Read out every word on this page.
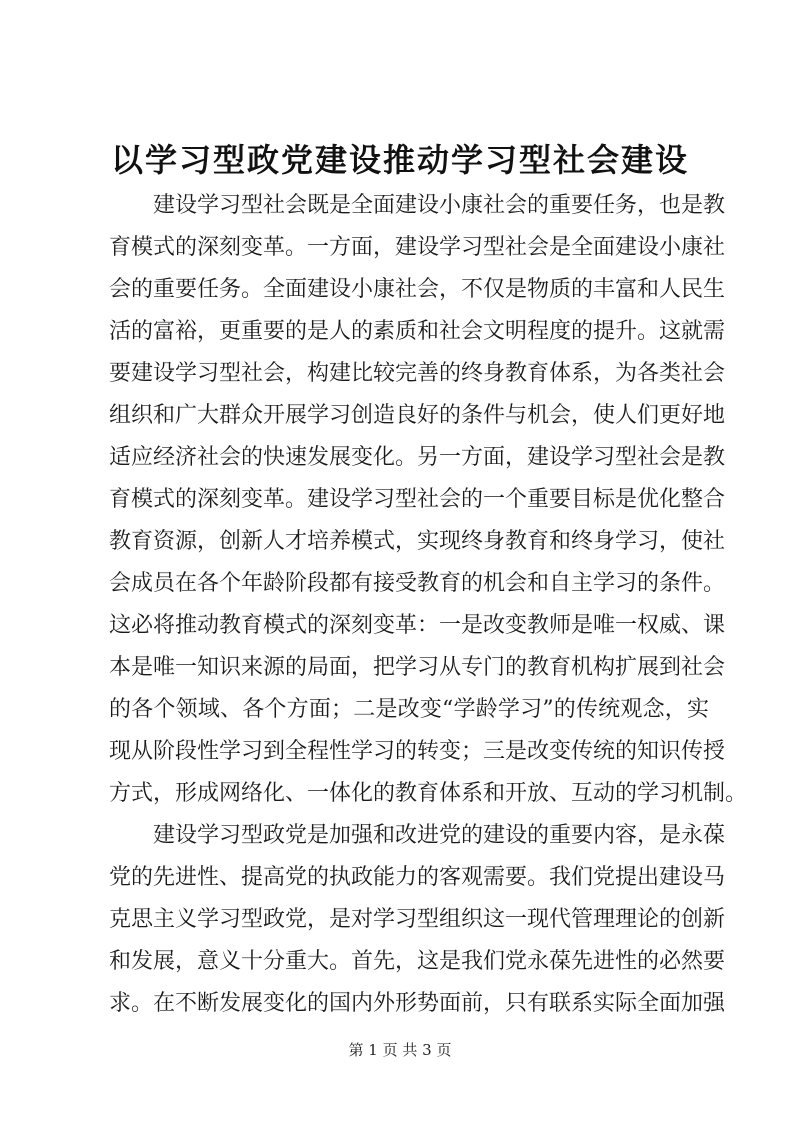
以学习型政党建设推动学习型社会建设
建设学习型社会既是全面建设小康社会的重要任务，也是教
育模式的深刻变革。一方面，建设学习型社会是全面建设小康社
会的重要任务。全面建设小康社会，不仅是物质的丰富和人民生
活的富裕，更重要的是人的素质和社会文明程度的提升。这就需
要建设学习型社会，构建比较完善的终身教育体系，为各类社会
组织和广大群众开展学习创造良好的条件与机会，使人们更好地
适应经济社会的快速发展变化。另一方面，建设学习型社会是教
育模式的深刻变革。建设学习型社会的一个重要目标是优化整合
教育资源，创新人才培养模式，实现终身教育和终身学习，使社
会成员在各个年龄阶段都有接受教育的机会和自主学习的条件。
这必将推动教育模式的深刻变革：一是改变教师是唯一权威、课
本是唯一知识来源的局面，把学习从专门的教育机构扩展到社会
的各个领域、各个方面；二是改变“学龄学习”的传统观念，实
现从阶段性学习到全程性学习的转变；三是改变传统的知识传授
方式，形成网络化、一体化的教育体系和开放、互动的学习机制。
建设学习型政党是加强和改进党的建设的重要内容，是永葆
党的先进性、提高党的执政能力的客观需要。我们党提出建设马
克思主义学习型政党，是对学习型组织这一现代管理理论的创新
和发展，意义十分重大。首先，这是我们党永葆先进性的必然要
求。在不断发展变化的国内外形势面前，只有联系实际全面加强
第 1 页 共 3 页
